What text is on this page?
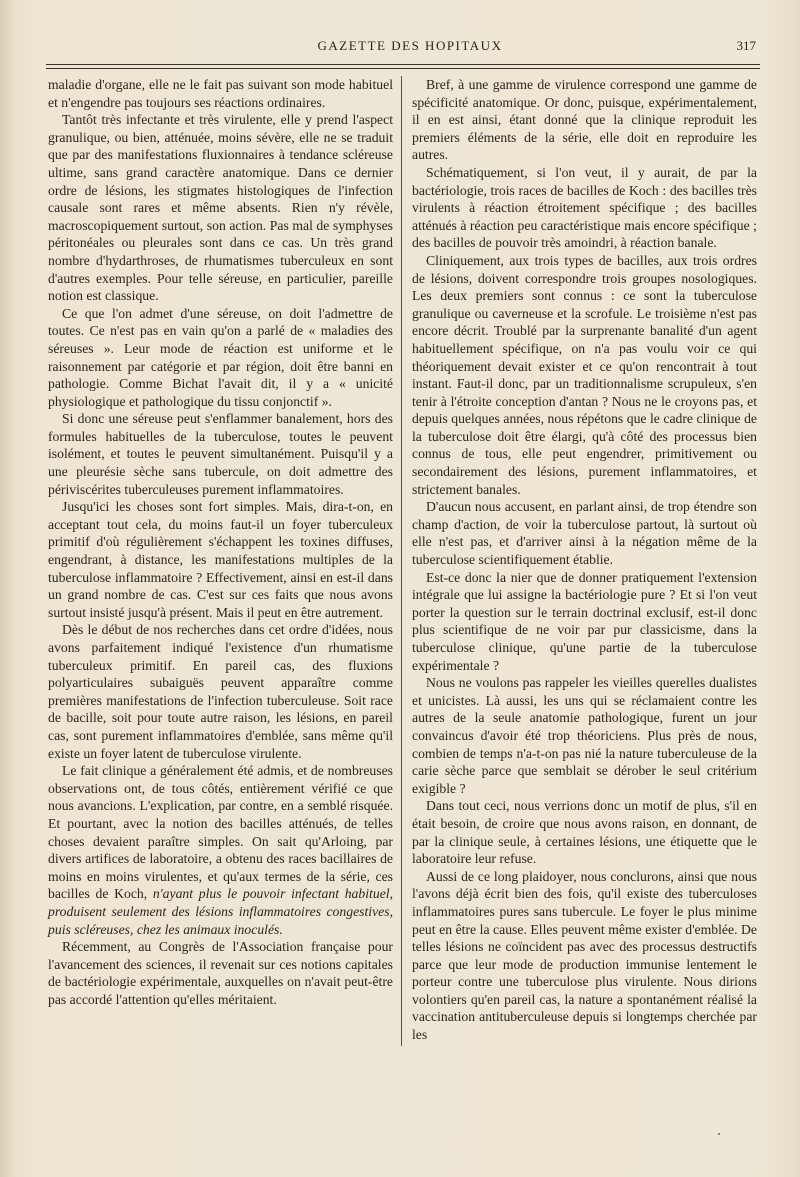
GAZETTE DES HOPITAUX	317

maladie d'organe, elle ne le fait pas suivant son mode habituel et n'engendre pas toujours ses réactions ordinaires.

Tantôt très infectante et très virulente, elle y prend l'aspect granulique, ou bien, atténuée, moins sévère, elle ne se traduit que par des manifestations fluxionnaires à tendance scléreuse ultime, sans grand caractère anatomique. Dans ce dernier ordre de lésions, les stigmates histologiques de l'infection causale sont rares et même absents. Rien n'y révèle, macroscopiquement surtout, son action. Pas mal de symphyses péritonéales ou pleurales sont dans ce cas. Un très grand nombre d'hydarthroses, de rhumatismes tuberculeux en sont d'autres exemples. Pour telle séreuse, en particulier, pareille notion est classique.

Ce que l'on admet d'une séreuse, on doit l'admettre de toutes. Ce n'est pas en vain qu'on a parlé de « maladies des séreuses ». Leur mode de réaction est uniforme et le raisonnement par catégorie et par région, doit être banni en pathologie. Comme Bichat l'avait dit, il y a « unicité physiologique et pathologique du tissu conjonctif ».

Si donc une séreuse peut s'enflammer banalement, hors des formules habituelles de la tuberculose, toutes le peuvent isolément, et toutes le peuvent simultanément. Puisqu'il y a une pleurésie sèche sans tubercule, on doit admettre des périviscérites tuberculeuses purement inflammatoires.

Jusqu'ici les choses sont fort simples. Mais, dira-t-on, en acceptant tout cela, du moins faut-il un foyer tuberculeux primitif d'où régulièrement s'échappent les toxines diffuses, engendrant, à distance, les manifestations multiples de la tuberculose inflammatoire ? Effectivement, ainsi en est-il dans un grand nombre de cas. C'est sur ces faits que nous avons surtout insisté jusqu'à présent. Mais il peut en être autrement.

Dès le début de nos recherches dans cet ordre d'idées, nous avons parfaitement indiqué l'existence d'un rhumatisme tuberculeux primitif. En pareil cas, des fluxions polyarticulaires subaiguës peuvent apparaître comme premières manifestations de l'infection tuberculeuse. Soit race de bacille, soit pour toute autre raison, les lésions, en pareil cas, sont purement inflammatoires d'emblée, sans même qu'il existe un foyer latent de tuberculose virulente.

Le fait clinique a généralement été admis, et de nombreuses observations ont, de tous côtés, entièrement vérifié ce que nous avancions. L'explication, par contre, en a semblé risquée. Et pourtant, avec la notion des bacilles atténués, de telles choses devaient paraître simples. On sait qu'Arloing, par divers artifices de laboratoire, a obtenu des races bacillaires de moins en moins virulentes, et qu'aux termes de la série, ces bacilles de Koch, n'ayant plus le pouvoir infectant habituel, produisent seulement des lésions inflammatoires congestives, puis scléreuses, chez les animaux inoculés.

Récemment, au Congrès de l'Association française pour l'avancement des sciences, il revenait sur ces notions capitales de bactériologie expérimentale, auxquelles on n'avait peut-être pas accordé l'attention qu'elles méritaient.

Bref, à une gamme de virulence correspond une gamme de spécificité anatomique. Or donc, puisque, expérimentalement, il en est ainsi, étant donné que la clinique reproduit les premiers éléments de la série, elle doit en reproduire les autres.

Schématiquement, si l'on veut, il y aurait, de par la bactériologie, trois races de bacilles de Koch : des bacilles très virulents à réaction étroitement spécifique ; des bacilles atténués à réaction peu caractéristique mais encore spécifique ; des bacilles de pouvoir très amoindri, à réaction banale.

Cliniquement, aux trois types de bacilles, aux trois ordres de lésions, doivent correspondre trois groupes nosologiques. Les deux premiers sont connus : ce sont la tuberculose granulique ou caverneuse et la scrofule. Le troisième n'est pas encore décrit. Troublé par la surprenante banalité d'un agent habituellement spécifique, on n'a pas voulu voir ce qui théoriquement devait exister et ce qu'on rencontrait à tout instant. Faut-il donc, par un traditionnalisme scrupuleux, s'en tenir à l'étroite conception d'antan ? Nous ne le croyons pas, et depuis quelques années, nous répétons que le cadre clinique de la tuberculose doit être élargi, qu'à côté des processus bien connus de tous, elle peut engendrer, primitivement ou secondairement des lésions, purement inflammatoires, et strictement banales.

D'aucun nous accusent, en parlant ainsi, de trop étendre son champ d'action, de voir la tuberculose partout, là surtout où elle n'est pas, et d'arriver ainsi à la négation même de la tuberculose scientifiquement établie.

Est-ce donc la nier que de donner pratiquement l'extension intégrale que lui assigne la bactériologie pure ? Et si l'on veut porter la question sur le terrain doctrinal exclusif, est-il donc plus scientifique de ne voir par pur classicisme, dans la tuberculose clinique, qu'une partie de la tuberculose expérimentale ?

Nous ne voulons pas rappeler les vieilles querelles dualistes et unicistes. Là aussi, les uns qui se réclamaient contre les autres de la seule anatomie pathologique, furent un jour convaincus d'avoir été trop théoriciens. Plus près de nous, combien de temps n'a-t-on pas nié la nature tuberculeuse de la carie sèche parce que semblait se dérober le seul critérium exigible ?

Dans tout ceci, nous verrions donc un motif de plus, s'il en était besoin, de croire que nous avons raison, en donnant, de par la clinique seule, à certaines lésions, une étiquette que le laboratoire leur refuse.

Aussi de ce long plaidoyer, nous conclurons, ainsi que nous l'avons déjà écrit bien des fois, qu'il existe des tuberculoses inflammatoires pures sans tubercule. Le foyer le plus minime peut en être la cause. Elles peuvent même exister d'emblée. De telles lésions ne coïncident pas avec des processus destructifs parce que leur mode de production immunise lentement le porteur contre une tuberculose plus virulente. Nous dirions volontiers qu'en pareil cas, la nature a spontanément réalisé la vaccination antituberculeuse depuis si longtemps cherchée par les
